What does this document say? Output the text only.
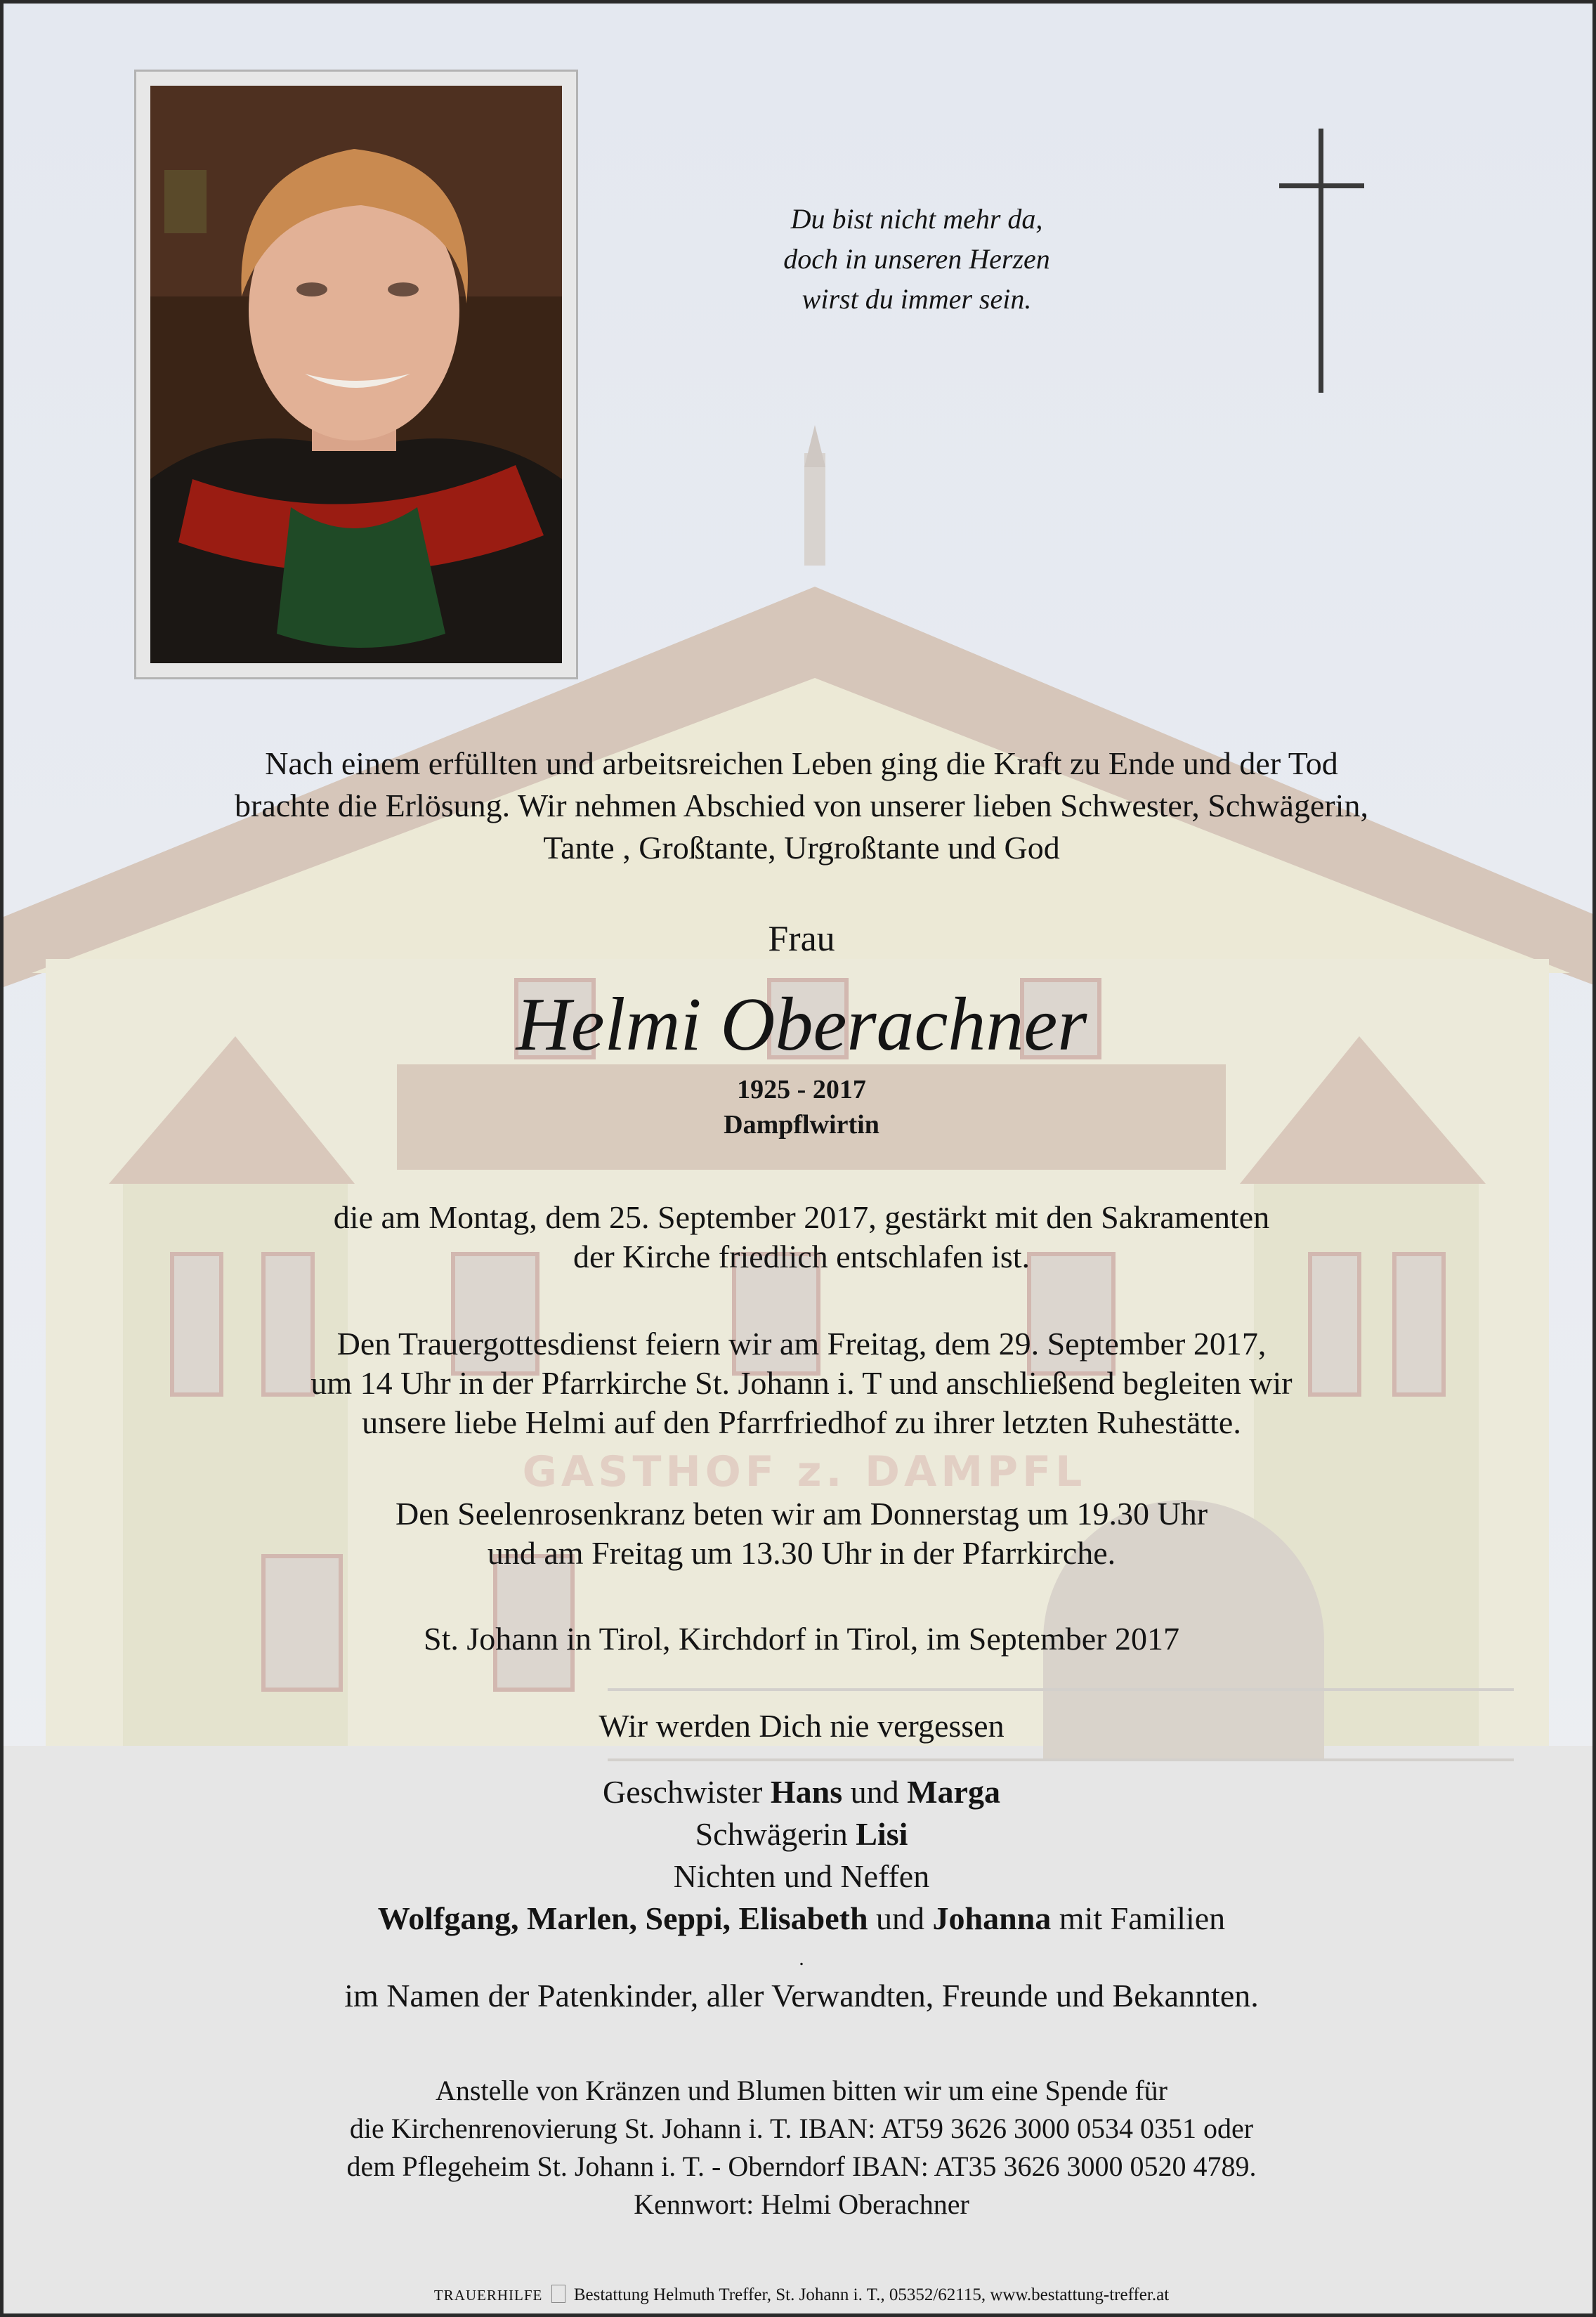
GASTHOF z. DAMPFL
Du bist nicht mehr da,
doch in unseren Herzen
wirst du immer sein.
Nach einem erfüllten und arbeitsreichen Leben ging die Kraft zu Ende und der Tod
brachte die Erlösung. Wir nehmen Abschied von unserer lieben Schwester, Schwägerin,
Tante , Großtante, Urgroßtante und God
Frau
Helmi Oberachner
1925 - 2017
Dampflwirtin
die am Montag, dem 25. September 2017, gestärkt mit den Sakramenten
der Kirche friedlich entschlafen ist.
Den Trauergottesdienst feiern wir am Freitag, dem 29. September 2017,
um 14 Uhr in der Pfarrkirche St. Johann i. T und anschließend begleiten wir
unsere liebe Helmi auf den Pfarrfriedhof zu ihrer letzten Ruhestätte.
Den Seelenrosenkranz beten wir am Donnerstag um 19.30 Uhr
und am Freitag um 13.30 Uhr in der Pfarrkirche.
St. Johann in Tirol, Kirchdorf in Tirol, im September 2017
Wir werden Dich nie vergessen
Geschwister Hans und Marga
Schwägerin Lisi
Nichten und Neffen
Wolfgang, Marlen, Seppi, Elisabeth und Johanna mit Familien
.
im Namen der Patenkinder, aller Verwandten, Freunde und Bekannten.
Anstelle von Kränzen und Blumen bitten wir um eine Spende für
die Kirchenrenovierung St. Johann i. T. IBAN: AT59 3626 3000 0534 0351 oder
dem Pflegeheim St. Johann i. T. - Oberndorf IBAN: AT35 3626 3000 0520 4789.
Kennwort: Helmi Oberachner
TRAUERHILFE Bestattung Helmuth Treffer, St. Johann i. T., 05352/62115, www.bestattung-treffer.at
